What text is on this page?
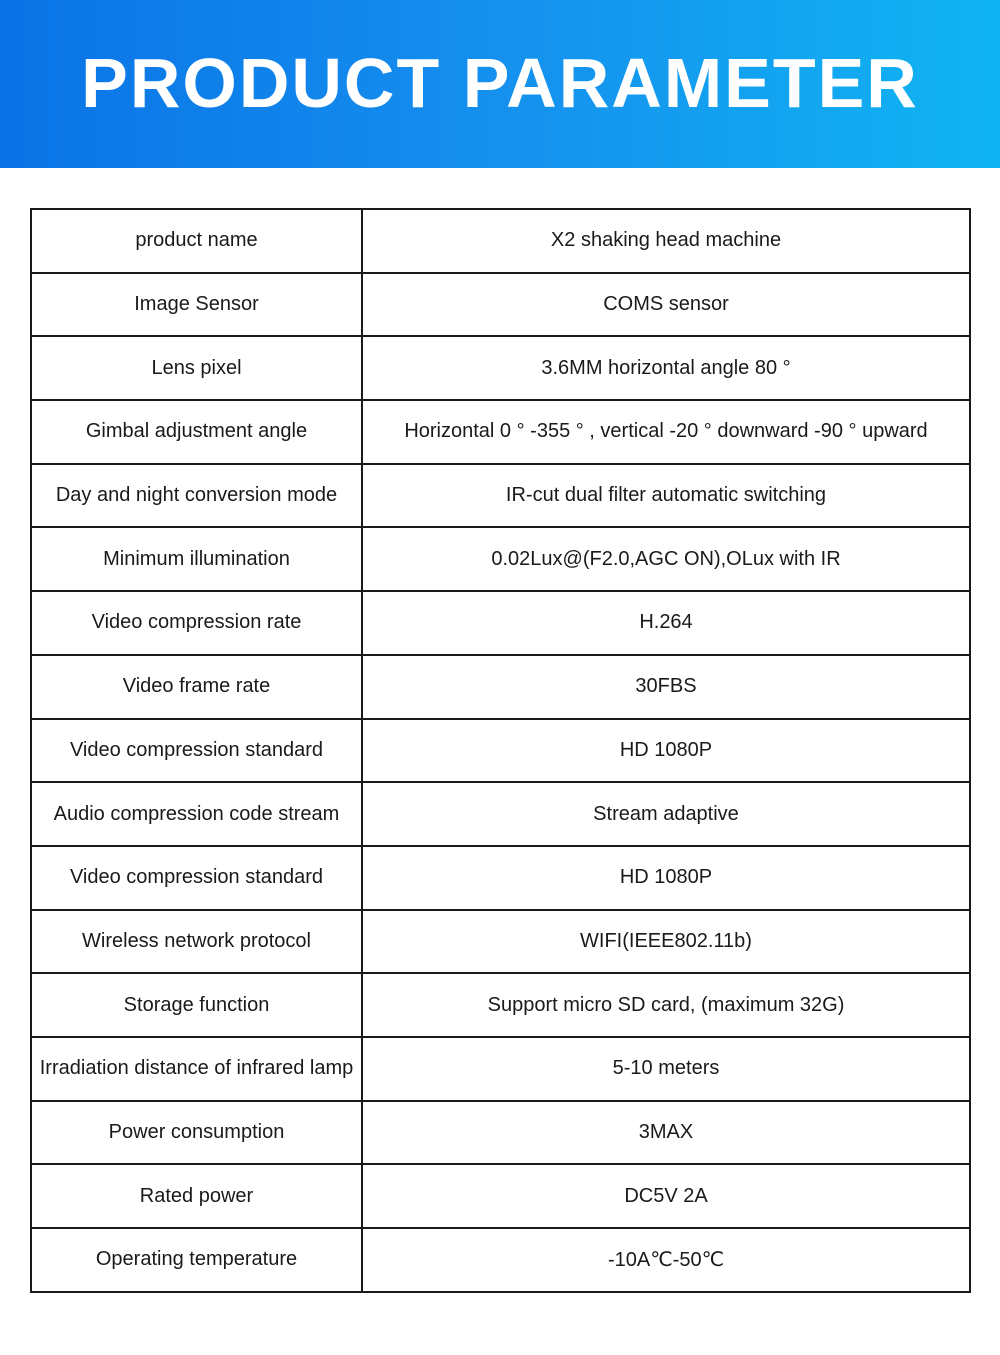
PRODUCT PARAMETER
product name	X2 shaking head machine
Image Sensor	COMS sensor
Lens pixel	3.6MM horizontal angle 80 °
Gimbal adjustment angle	Horizontal 0 ° -355 ° , vertical -20 ° downward -90 ° upward
Day and night conversion mode	IR-cut dual filter automatic switching
Minimum illumination	0.02Lux@(F2.0,AGC ON),OLux with IR
Video compression rate	H.264
Video frame rate	30FBS
Video compression standard	HD 1080P
Audio compression code stream	Stream adaptive
Video compression standard	HD 1080P
Wireless network protocol	WIFI(IEEE802.11b)
Storage function	Support micro SD card, (maximum 32G)
Irradiation distance of infrared lamp	5-10 meters
Power consumption	3MAX
Rated power	DC5V 2A
Operating temperature	-10A℃-50℃
